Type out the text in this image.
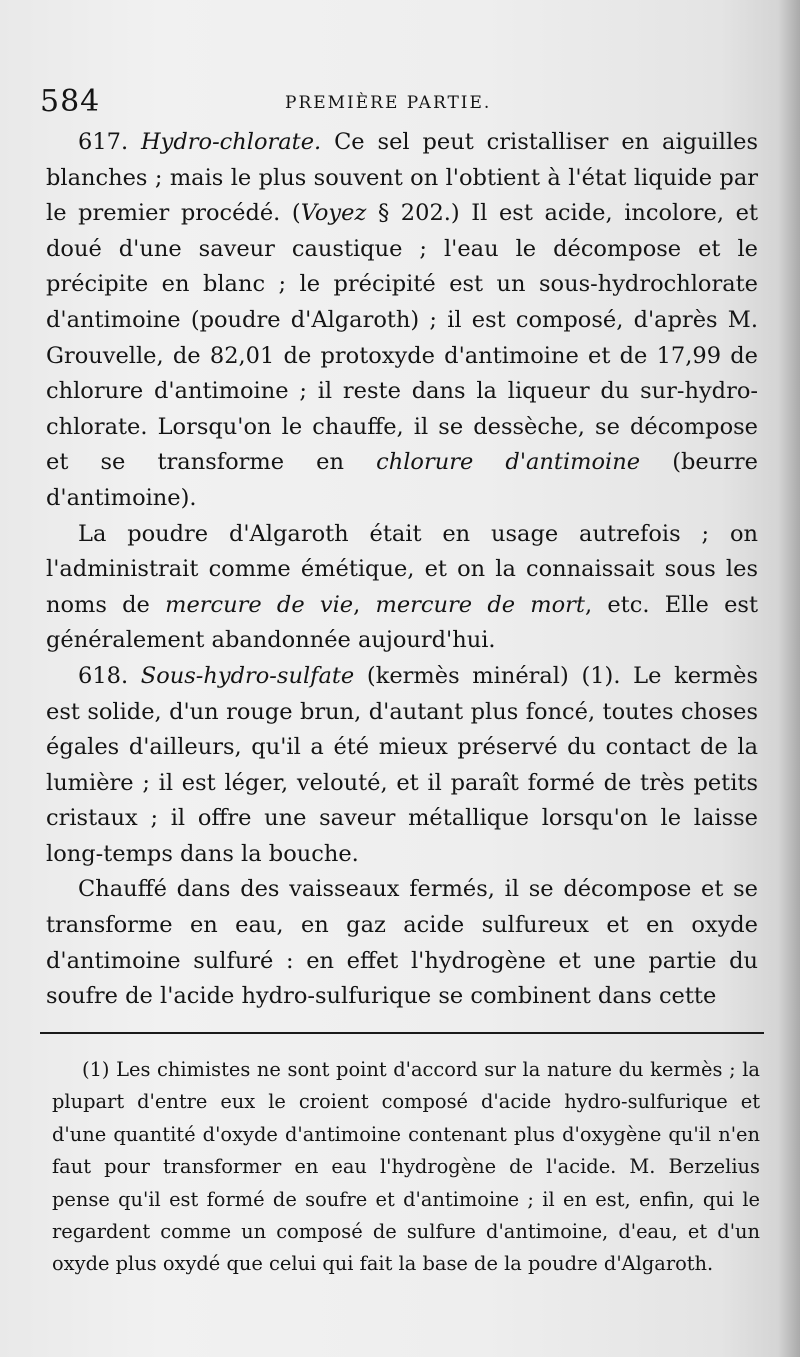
584	PREMIÈRE PARTIE.

617. Hydro-chlorate. Ce sel peut cristalliser en aiguilles blanches ; mais le plus souvent on l'obtient à l'état liquide par le premier procédé. (Voyez § 202.) Il est acide, incolore, et doué d'une saveur caustique ; l'eau le décompose et le précipite en blanc ; le précipité est un sous-hydrochlorate d'antimoine (poudre d'Algaroth) ; il est composé, d'après M. Grouvelle, de 82,01 de protoxyde d'antimoine et de 17,99 de chlorure d'antimoine ; il reste dans la liqueur du sur-hydro-chlorate. Lorsqu'on le chauffe, il se dessèche, se décompose et se transforme en chlorure d'antimoine (beurre d'antimoine).

La poudre d'Algaroth était en usage autrefois ; on l'administrait comme émétique, et on la connaissait sous les noms de mercure de vie, mercure de mort, etc. Elle est généralement abandonnée aujourd'hui.

618. Sous-hydro-sulfate (kermès minéral) (1). Le kermès est solide, d'un rouge brun, d'autant plus foncé, toutes choses égales d'ailleurs, qu'il a été mieux préservé du contact de la lumière ; il est léger, velouté, et il paraît formé de très petits cristaux ; il offre une saveur métallique lorsqu'on le laisse long-temps dans la bouche.

Chauffé dans des vaisseaux fermés, il se décompose et se transforme en eau, en gaz acide sulfureux et en oxyde d'antimoine sulfuré : en effet l'hydrogène et une partie du soufre de l'acide hydro-sulfurique se combinent dans cette

(1) Les chimistes ne sont point d'accord sur la nature du kermès ; la plupart d'entre eux le croient composé d'acide hydro-sulfurique et d'une quantité d'oxyde d'antimoine contenant plus d'oxygène qu'il n'en faut pour transformer en eau l'hydrogène de l'acide. M. Berzelius pense qu'il est formé de soufre et d'antimoine ; il en est, enfin, qui le regardent comme un composé de sulfure d'antimoine, d'eau, et d'un oxyde plus oxydé que celui qui fait la base de la poudre d'Algaroth.
